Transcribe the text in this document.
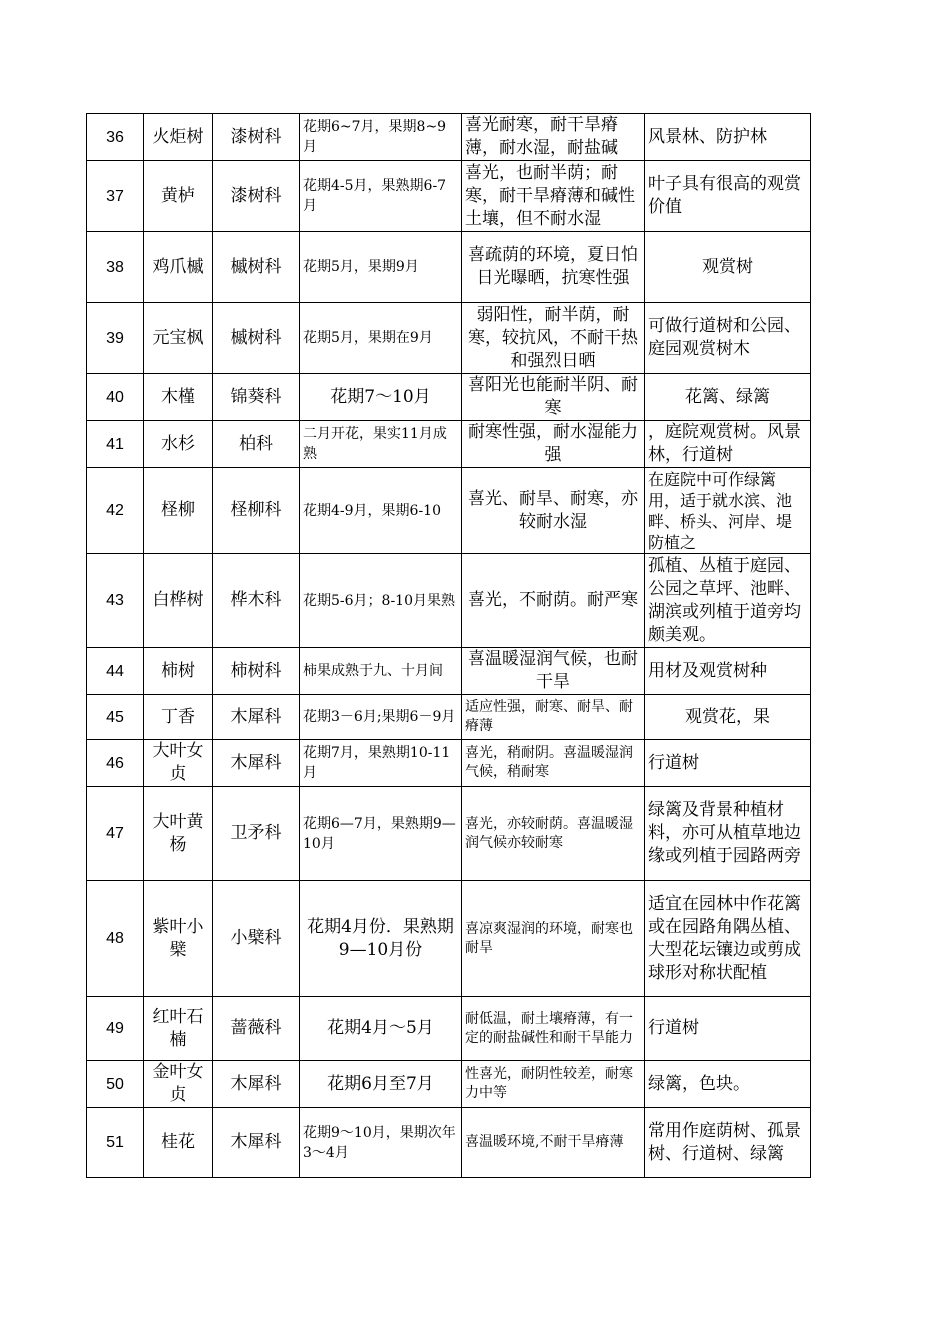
36	火炬树	漆树科	花期6~7月，果期8~9月	喜光耐寒，耐干旱瘠薄，耐水湿，耐盐碱	风景林、防护林
37	黄栌	漆树科	花期4-5月，果熟期6-7月	喜光，也耐半荫；耐寒，耐干旱瘠薄和碱性土壤，但不耐水湿	叶子具有很高的观赏价值
38	鸡爪槭	槭树科	花期5月，果期9月	喜疏荫的环境，夏日怕日光曝晒，抗寒性强	观赏树
39	元宝枫	槭树科	花期5月，果期在9月	弱阳性，耐半荫，耐寒，较抗风，不耐干热和强烈日晒	可做行道树和公园、庭园观赏树木
40	木槿	锦葵科	花期7～10月	喜阳光也能耐半阴、耐寒	花篱、绿篱
41	水杉	柏科	二月开花，果实11月成熟	耐寒性强，耐水湿能力强	，庭院观赏树。风景林，行道树
42	柽柳	柽柳科	花期4-9月，果期6-10	喜光、耐旱、耐寒，亦较耐水湿	在庭院中可作绿篱用，适于就水滨、池畔、桥头、河岸、堤防植之
43	白桦树	桦木科	花期5-6月；8-10月果熟	喜光，不耐荫。耐严寒	孤植、丛植于庭园、公园之草坪、池畔、湖滨或列植于道旁均颇美观。
44	柿树	柿树科	柿果成熟于九、十月间	喜温暖湿润气候，也耐干旱	用材及观赏树种
45	丁香	木犀科	花期3－6月;果期6－9月	适应性强，耐寒、耐旱、耐瘠薄	观赏花，果
46	大叶女贞	木犀科	花期7月，果熟期10-11月	喜光，稍耐阴。喜温暖湿润气候，稍耐寒	行道树
47	大叶黄杨	卫矛科	花期6—7月，果熟期9—10月	喜光，亦较耐荫。喜温暖湿润气候亦较耐寒	绿篱及背景种植材料，亦可从植草地边缘或列植于园路两旁
48	紫叶小檗	小檗科	花期4月份．果熟期9—10月份	喜凉爽湿润的环境，耐寒也耐旱	适宜在园林中作花篱或在园路角隅丛植、大型花坛镶边或剪成球形对称状配植
49	红叶石楠	蔷薇科	花期4月～5月	耐低温，耐土壤瘠薄，有一定的耐盐碱性和耐干旱能力	行道树
50	金叶女贞	木犀科	花期6月至7月	性喜光，耐阴性较差，耐寒力中等	绿篱，色块。
51	桂花	木犀科	花期9～10月，果期次年3～4月	喜温暖环境,不耐干旱瘠薄	常用作庭荫树、孤景树、行道树、绿篱
